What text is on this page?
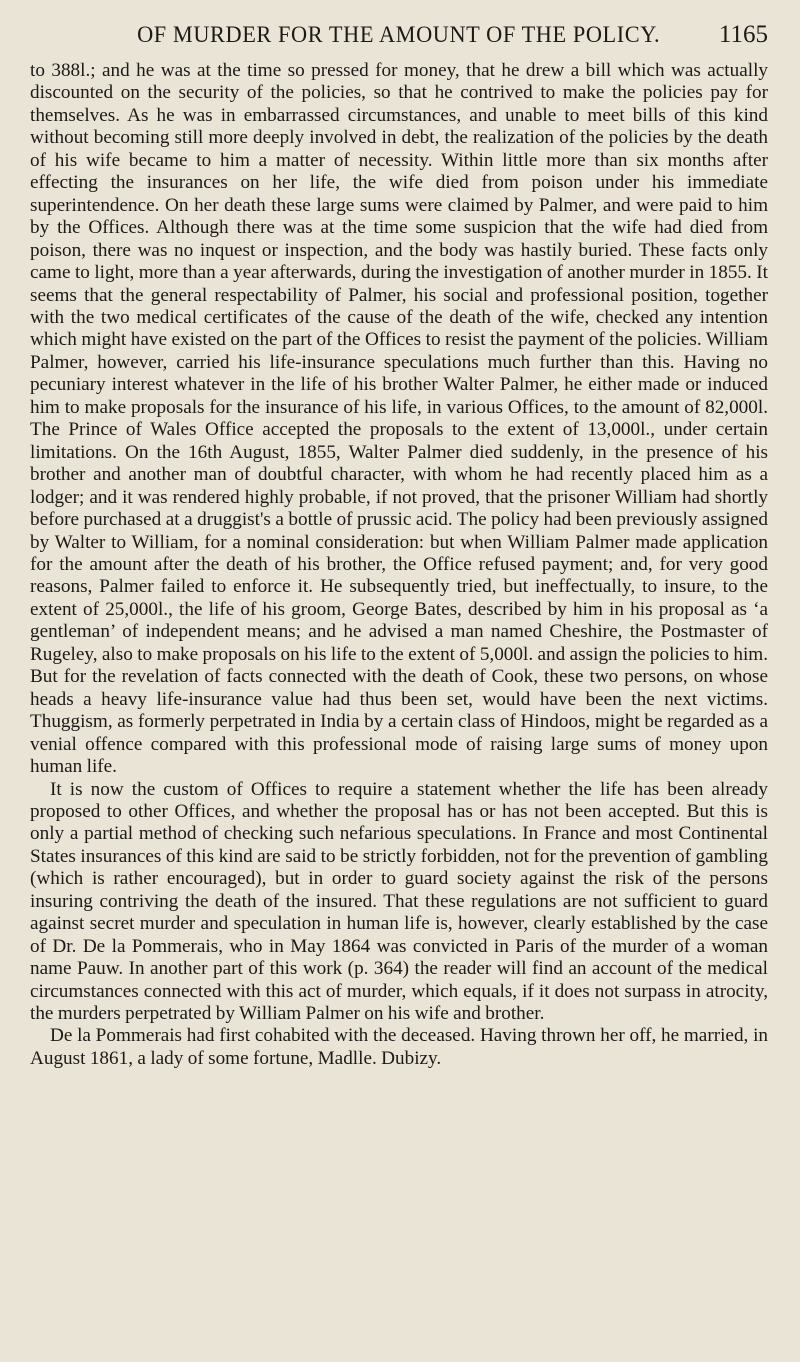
OF MURDER FOR THE AMOUNT OF THE POLICY. 1165

to 388l.; and he was at the time so pressed for money, that he drew a bill which was actually discounted on the security of the policies, so that he contrived to make the policies pay for themselves. As he was in embarrassed circumstances, and unable to meet bills of this kind without becoming still more deeply involved in debt, the realization of the policies by the death of his wife became to him a matter of necessity. Within little more than six months after effecting the insurances on her life, the wife died from poison under his immediate superintendence. On her death these large sums were claimed by Palmer, and were paid to him by the Offices. Although there was at the time some suspicion that the wife had died from poison, there was no inquest or inspection, and the body was hastily buried. These facts only came to light, more than a year afterwards, during the investigation of another murder in 1855. It seems that the general respectability of Palmer, his social and professional position, together with the two medical certificates of the cause of the death of the wife, checked any intention which might have existed on the part of the Offices to resist the payment of the policies. William Palmer, however, carried his life-insurance speculations much further than this. Having no pecuniary interest whatever in the life of his brother Walter Palmer, he either made or induced him to make proposals for the insurance of his life, in various Offices, to the amount of 82,000l. The Prince of Wales Office accepted the proposals to the extent of 13,000l., under certain limitations. On the 16th August, 1855, Walter Palmer died suddenly, in the presence of his brother and another man of doubtful character, with whom he had recently placed him as a lodger; and it was rendered highly probable, if not proved, that the prisoner William had shortly before purchased at a druggist's a bottle of prussic acid. The policy had been previously assigned by Walter to William, for a nominal consideration: but when William Palmer made application for the amount after the death of his brother, the Office refused payment; and, for very good reasons, Palmer failed to enforce it. He subsequently tried, but ineffectually, to insure, to the extent of 25,000l., the life of his groom, George Bates, described by him in his proposal as ‘a gentleman’ of independent means; and he advised a man named Cheshire, the Postmaster of Rugeley, also to make proposals on his life to the extent of 5,000l. and assign the policies to him. But for the revelation of facts connected with the death of Cook, these two persons, on whose heads a heavy life-insurance value had thus been set, would have been the next victims. Thuggism, as formerly perpetrated in India by a certain class of Hindoos, might be regarded as a venial offence compared with this professional mode of raising large sums of money upon human life.

It is now the custom of Offices to require a statement whether the life has been already proposed to other Offices, and whether the proposal has or has not been accepted. But this is only a partial method of checking such nefarious speculations. In France and most Continental States insurances of this kind are said to be strictly forbidden, not for the prevention of gambling (which is rather encouraged), but in order to guard society against the risk of the persons insuring contriving the death of the insured. That these regulations are not sufficient to guard against secret murder and speculation in human life is, however, clearly established by the case of Dr. De la Pommerais, who in May 1864 was convicted in Paris of the murder of a woman name Pauw. In another part of this work (p. 364) the reader will find an account of the medical circumstances connected with this act of murder, which equals, if it does not surpass in atrocity, the murders perpetrated by William Palmer on his wife and brother.

De la Pommerais had first cohabited with the deceased. Having thrown her off, he married, in August 1861, a lady of some fortune, Madlle. Dubizy.
